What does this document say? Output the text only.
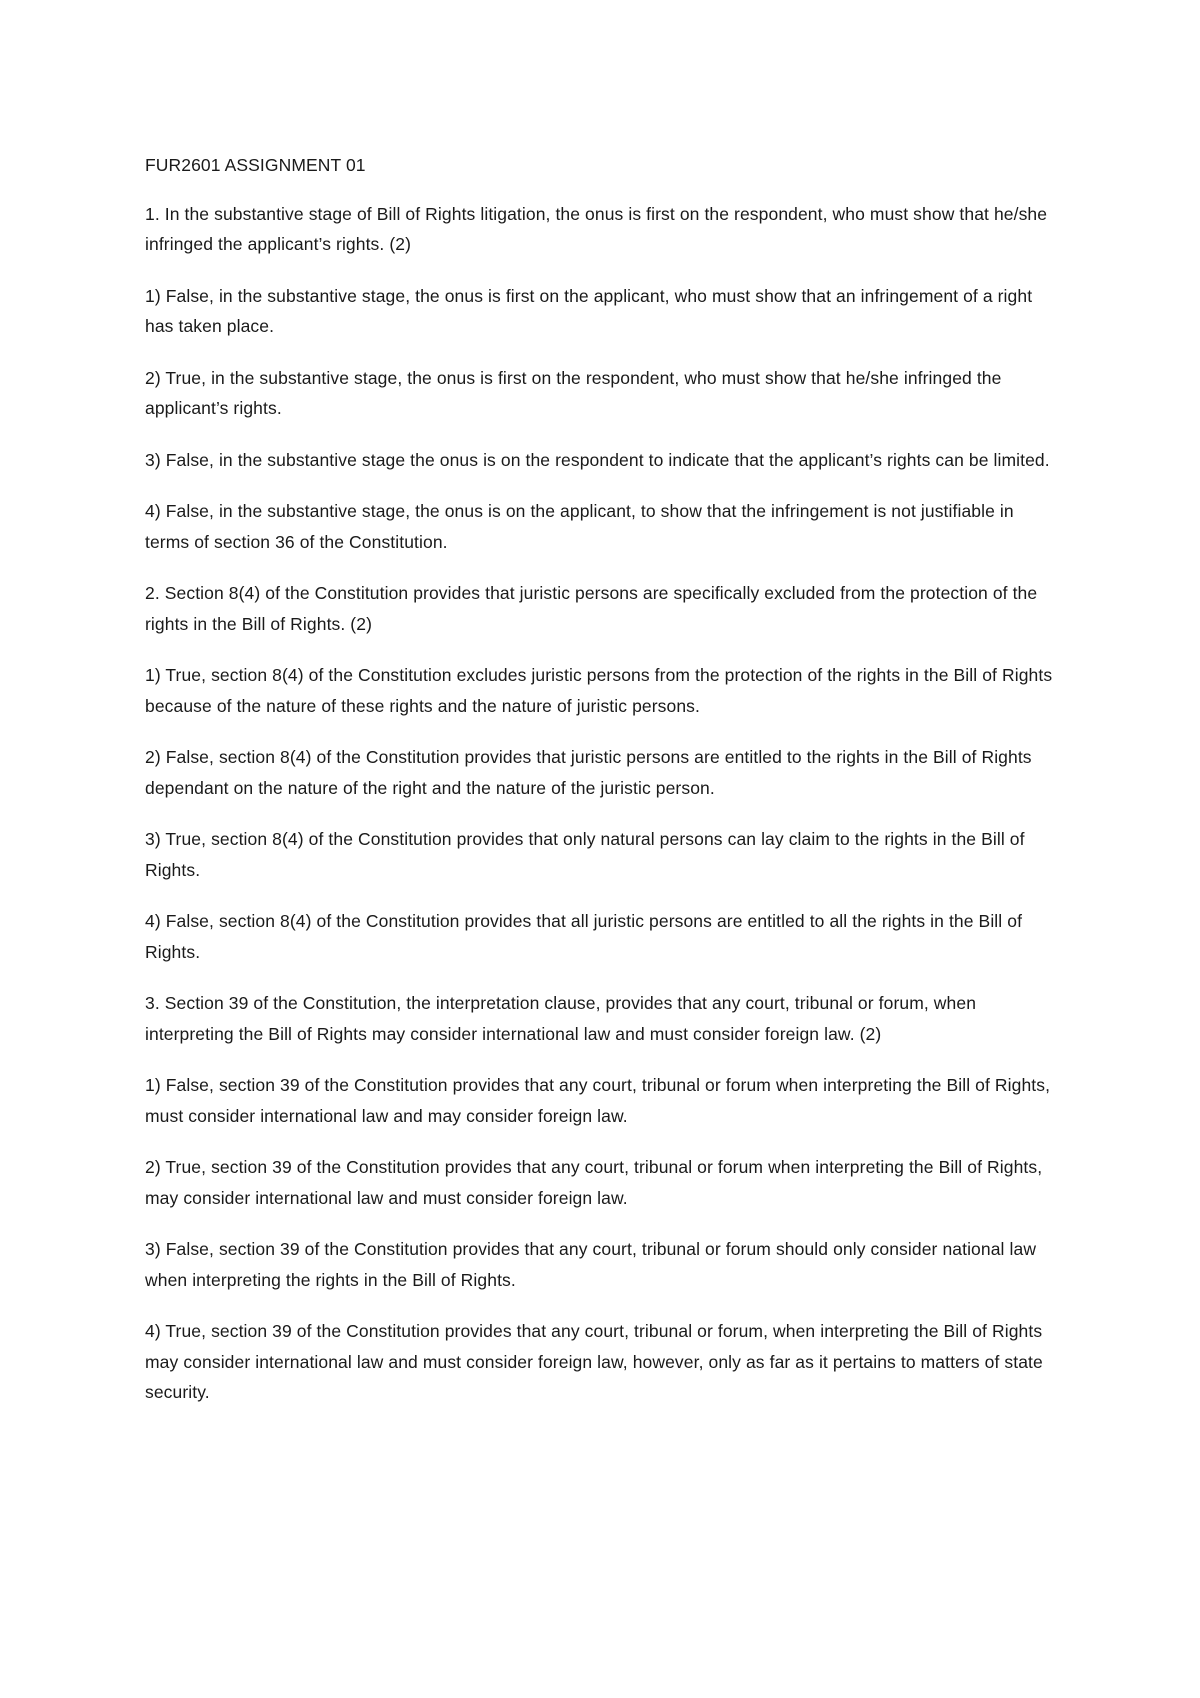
FUR2601 ASSIGNMENT 01

1. In the substantive stage of Bill of Rights litigation, the onus is first on the respondent, who must show that he/she infringed the applicant’s rights. (2)

1) False, in the substantive stage, the onus is first on the applicant, who must show that an infringement of a right has taken place.

2) True, in the substantive stage, the onus is first on the respondent, who must show that he/she infringed the applicant’s rights.

3) False, in the substantive stage the onus is on the respondent to indicate that the applicant’s rights can be limited.

4) False, in the substantive stage, the onus is on the applicant, to show that the infringement is not justifiable in terms of section 36 of the Constitution.

2. Section 8(4) of the Constitution provides that juristic persons are specifically excluded from the protection of the rights in the Bill of Rights. (2)

1) True, section 8(4) of the Constitution excludes juristic persons from the protection of the rights in the Bill of Rights because of the nature of these rights and the nature of juristic persons.

2) False, section 8(4) of the Constitution provides that juristic persons are entitled to the rights in the Bill of Rights dependant on the nature of the right and the nature of the juristic person.

3) True, section 8(4) of the Constitution provides that only natural persons can lay claim to the rights in the Bill of Rights.

4) False, section 8(4) of the Constitution provides that all juristic persons are entitled to all the rights in the Bill of Rights.

3. Section 39 of the Constitution, the interpretation clause, provides that any court, tribunal or forum, when interpreting the Bill of Rights may consider international law and must consider foreign law. (2)

1) False, section 39 of the Constitution provides that any court, tribunal or forum when interpreting the Bill of Rights, must consider international law and may consider foreign law.

2) True, section 39 of the Constitution provides that any court, tribunal or forum when interpreting the Bill of Rights, may consider international law and must consider foreign law.

3) False, section 39 of the Constitution provides that any court, tribunal or forum should only consider national law when interpreting the rights in the Bill of Rights.

4) True, section 39 of the Constitution provides that any court, tribunal or forum, when interpreting the Bill of Rights may consider international law and must consider foreign law, however, only as far as it pertains to matters of state security.
